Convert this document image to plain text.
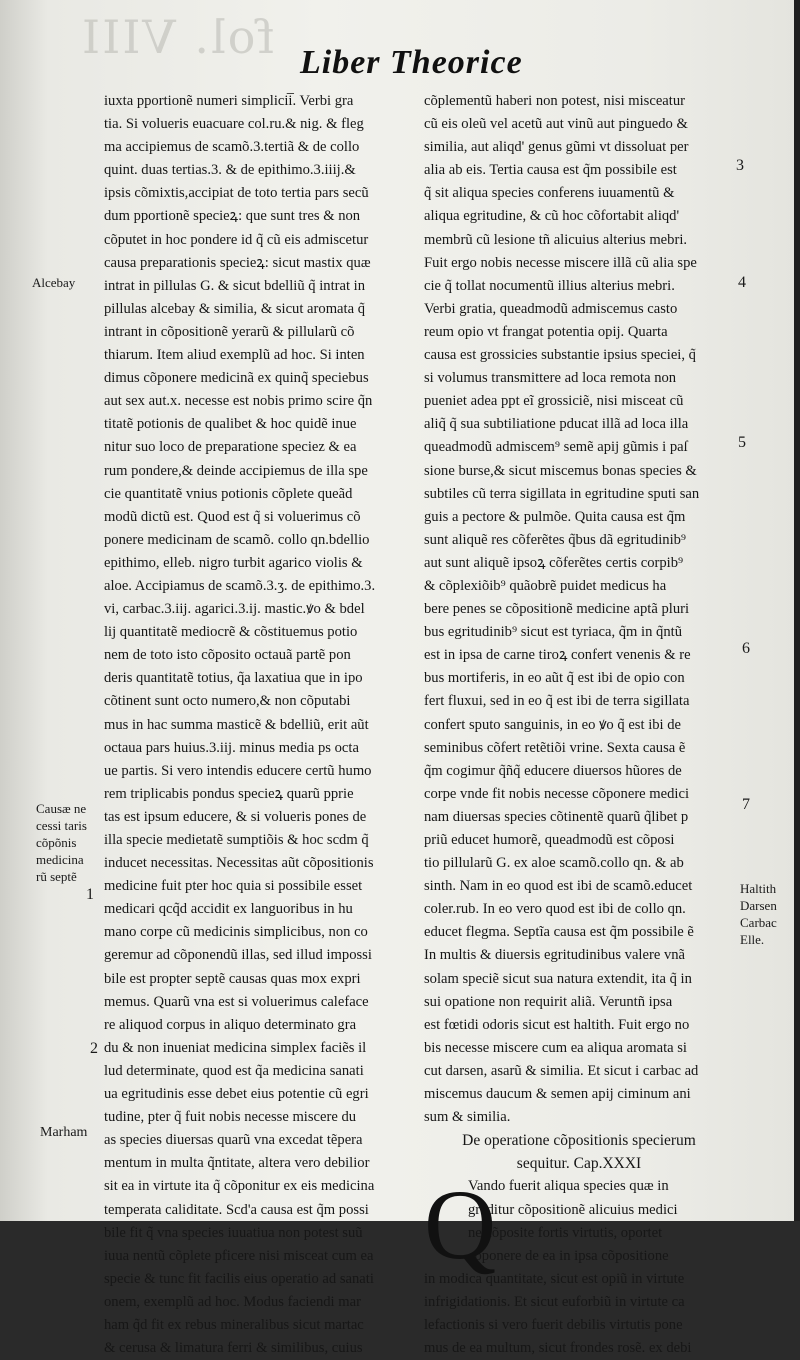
fol. VIII Liber Theorice
iuxta pportionẽ numeri simplicii̅. Verbi gra
tia. Si volueris euacuare col.ru.& nig. & fleg
ma accipiemus de scamõ.3.tertiã & de collo
quint. duas tertias.3. & de epithimo.3.iiij.&
ipsis cõmixtis,accipiat de toto tertia pars secũ
dum pportionẽ specieꝝ: que sunt tres & non
cõputet in hoc pondere id q̃ cũ eis admiscetur
causa preparationis specieꝝ: sicut mastix quæ
intrat in pillulas G. & sicut bdelliũ q̃ intrat in
pillulas alcebay & similia, & sicut aromata q̃
intrant in cõpositionẽ yerarũ & pillularũ cõ
thiarum. Item aliud exemplũ ad hoc. Si inten
dimus cõponere medicinã ex quinq̃ speciebus
aut sex aut.x. necesse est nobis primo scire q̃n
titatẽ potionis de qualibet & hoc quidẽ inue
nitur suo loco de preparatione speciez & ea
rum pondere,& deinde accipiemus de illa spe
cie quantitatẽ vnius potionis cõplete queãd
modũ dictũ est. Quod est q̃ si voluerimus cõ
ponere medicinam de scamõ. collo qn.bdellio
epithimo, elleb. nigro turbit agarico violis &
aloe. Accipiamus de scamõ.3.ʒ. de epithimo.3.
vi, carbac.3.iij. agarici.3.ij. mastic.ꝟo & bdel
lij quantitatẽ mediocrẽ & cõstituemus potio
nem de toto isto cõposito octauã partẽ pon
deris quantitatẽ totius, q̃a laxatiua que in ipo
cõtinent sunt octo numero,& non cõputabi
mus in hac summa masticẽ & bdelliũ, erit aũt
octaua pars huius.3.iij. minus media ps octa
ue partis. Si vero intendis educere certũ humo
rem triplicabis pondus specieꝝ quarũ pprie
tas est ipsum educere, & si volueris pones de
illa specie medietatẽ sumptiõis & hoc scdm q̃
inducet necessitas. Necessitas aũt cõpositionis
medicine fuit pter hoc quia si possibile esset
medicari qcq̃d accidit ex languoribus in hu
mano corpe cũ medicinis simplicibus, non co
geremur ad cõponendũ illas, sed illud impossi
bile est propter septẽ causas quas mox expri
memus. Quarũ vna est si voluerimus caleface
re aliquod corpus in aliquo determinato gra
du & non inueniat medicina simplex faciẽs il
lud determinate, quod est q̃a medicina sanati
ua egritudinis esse debet eius potentie cũ egri
tudine, pter q̃ fuit nobis necesse miscere du
as species diuersas quarũ vna excedat tẽpera
mentum in multa q̃ntitate, altera vero debilior
sit ea in virtute ita q̃ cõponitur ex eis medicina
temperata caliditate. Scd'a causa est q̃m possi
bile fit q̃ vna species iuuatiua non potest suũ
iuua nentũ cõplete pficere nisi misceat cum ea
specie & tunc fit facilis eius operatio ad sanati
onem, exemplũ ad hoc. Modus faciendi mar
ham q̃d fit ex rebus mineralibus sicut martac
& cerusa & limatura ferri & similibus, cuius
cõplementũ haberi non potest, nisi misceatur
cũ eis oleũ vel acetũ aut vinũ aut pinguedo &
similia, aut aliqd' genus gũmi vt dissoluat per
alia ab eis. Tertia causa est q̃m possibile est
q̃ sit aliqua species conferens iuuamentũ &
aliqua egritudine, & cũ hoc cõfortabit aliqd'
membrũ cũ lesione tñ alicuius alterius mebri.
Fuit ergo nobis necesse miscere illã cũ alia spe
cie q̃ tollat nocumentũ illius alterius mebri.
Verbi gratia, queadmodũ admiscemus casto
reum opio vt frangat potentia opij. Quarta
causa est grossicies substantie ipsius speciei, q̃
si volumus transmittere ad loca remota non
pueniet adea ppt eĩ grossiciẽ, nisi misceat cũ
aliq̃ q̃ sua subtiliatione pducat illã ad loca illa
queadmodũ admiscem⁹ semẽ apij gũmis i paſ
sione burse,& sicut miscemus bonas species &
subtiles cũ terra sigillata in egritudine sputi san
guis a pectore & pulmõe. Quita causa est q̃m
sunt aliquẽ res cõferẽtes q̃bus dã egritudinib⁹
aut sunt aliquẽ ipsoꝝ cõferẽtes certis corpib⁹
& cõplexiõib⁹ quãobrẽ puidet medicus ha
bere penes se cõpositionẽ medicine aptã pluri
bus egritudinib⁹ sicut est tyriaca, q̃m in q̃ntũ
est in ipsa de carne tiroꝝ confert venenis & re
bus mortiferis, in eo aũt q̃ est ibi de opio con
fert fluxui, sed in eo q̃ est ibi de terra sigillata
confert sputo sanguinis, in eo ꝟo q̃ est ibi de
seminibus cõfert retẽtiõi vrine. Sexta causa ẽ
q̃m cogimur q̃ñq̃ educere diuersos hũores de
corpe vnde fit nobis necesse cõponere medici
nam diuersas species cõtinentẽ quarũ q̃libet p
priũ educet humorẽ, queadmodũ est cõposi
tio pillularũ G. ex aloe scamõ.collo qn. & ab
sinth. Nam in eo quod est ibi de scamõ.educet
coler.rub. In eo vero quod est ibi de collo qn.
educet flegma. Septĩa causa est q̃m possibile ẽ
In multis & diuersis egritudinibus valere vnã
solam speciẽ sicut sua natura extendit, ita q̃ in
sui opatione non requirit aliã. Veruntñ ipsa
est fœtidi odoris sicut est haltith. Fuit ergo no
bis necesse miscere cum ea aliqua aromata si
cut darsen, asarũ & similia. Et sicut i carbac ad
miscemus daucum & semen apij ciminum ani
sum & similia.
De operatione cõpositionis specierum
sequitur. Cap.XXXI
Q
Vando fuerit aliqua species quæ in
greditur cõpositionẽ alicuius medici
ne cõposite fortis virtutis, oportet
cõponere de ea in ipsa cõpositione
in modica quantitate, sicut est opiũ in virtute
infrigidationis. Et sicut euforbiũ in virtute ca
lefactionis si vero fuerit debilis virtutis pone
mus de ea multum, sicut frondes rosẽ. ex debi
Alcebay
Causæ ne
cessi taris
cõpõnis
medicina
rũ septẽ
1
2
Marham
3
4
5
6
7
Haltith
Darsen
Carbac
Elle.
